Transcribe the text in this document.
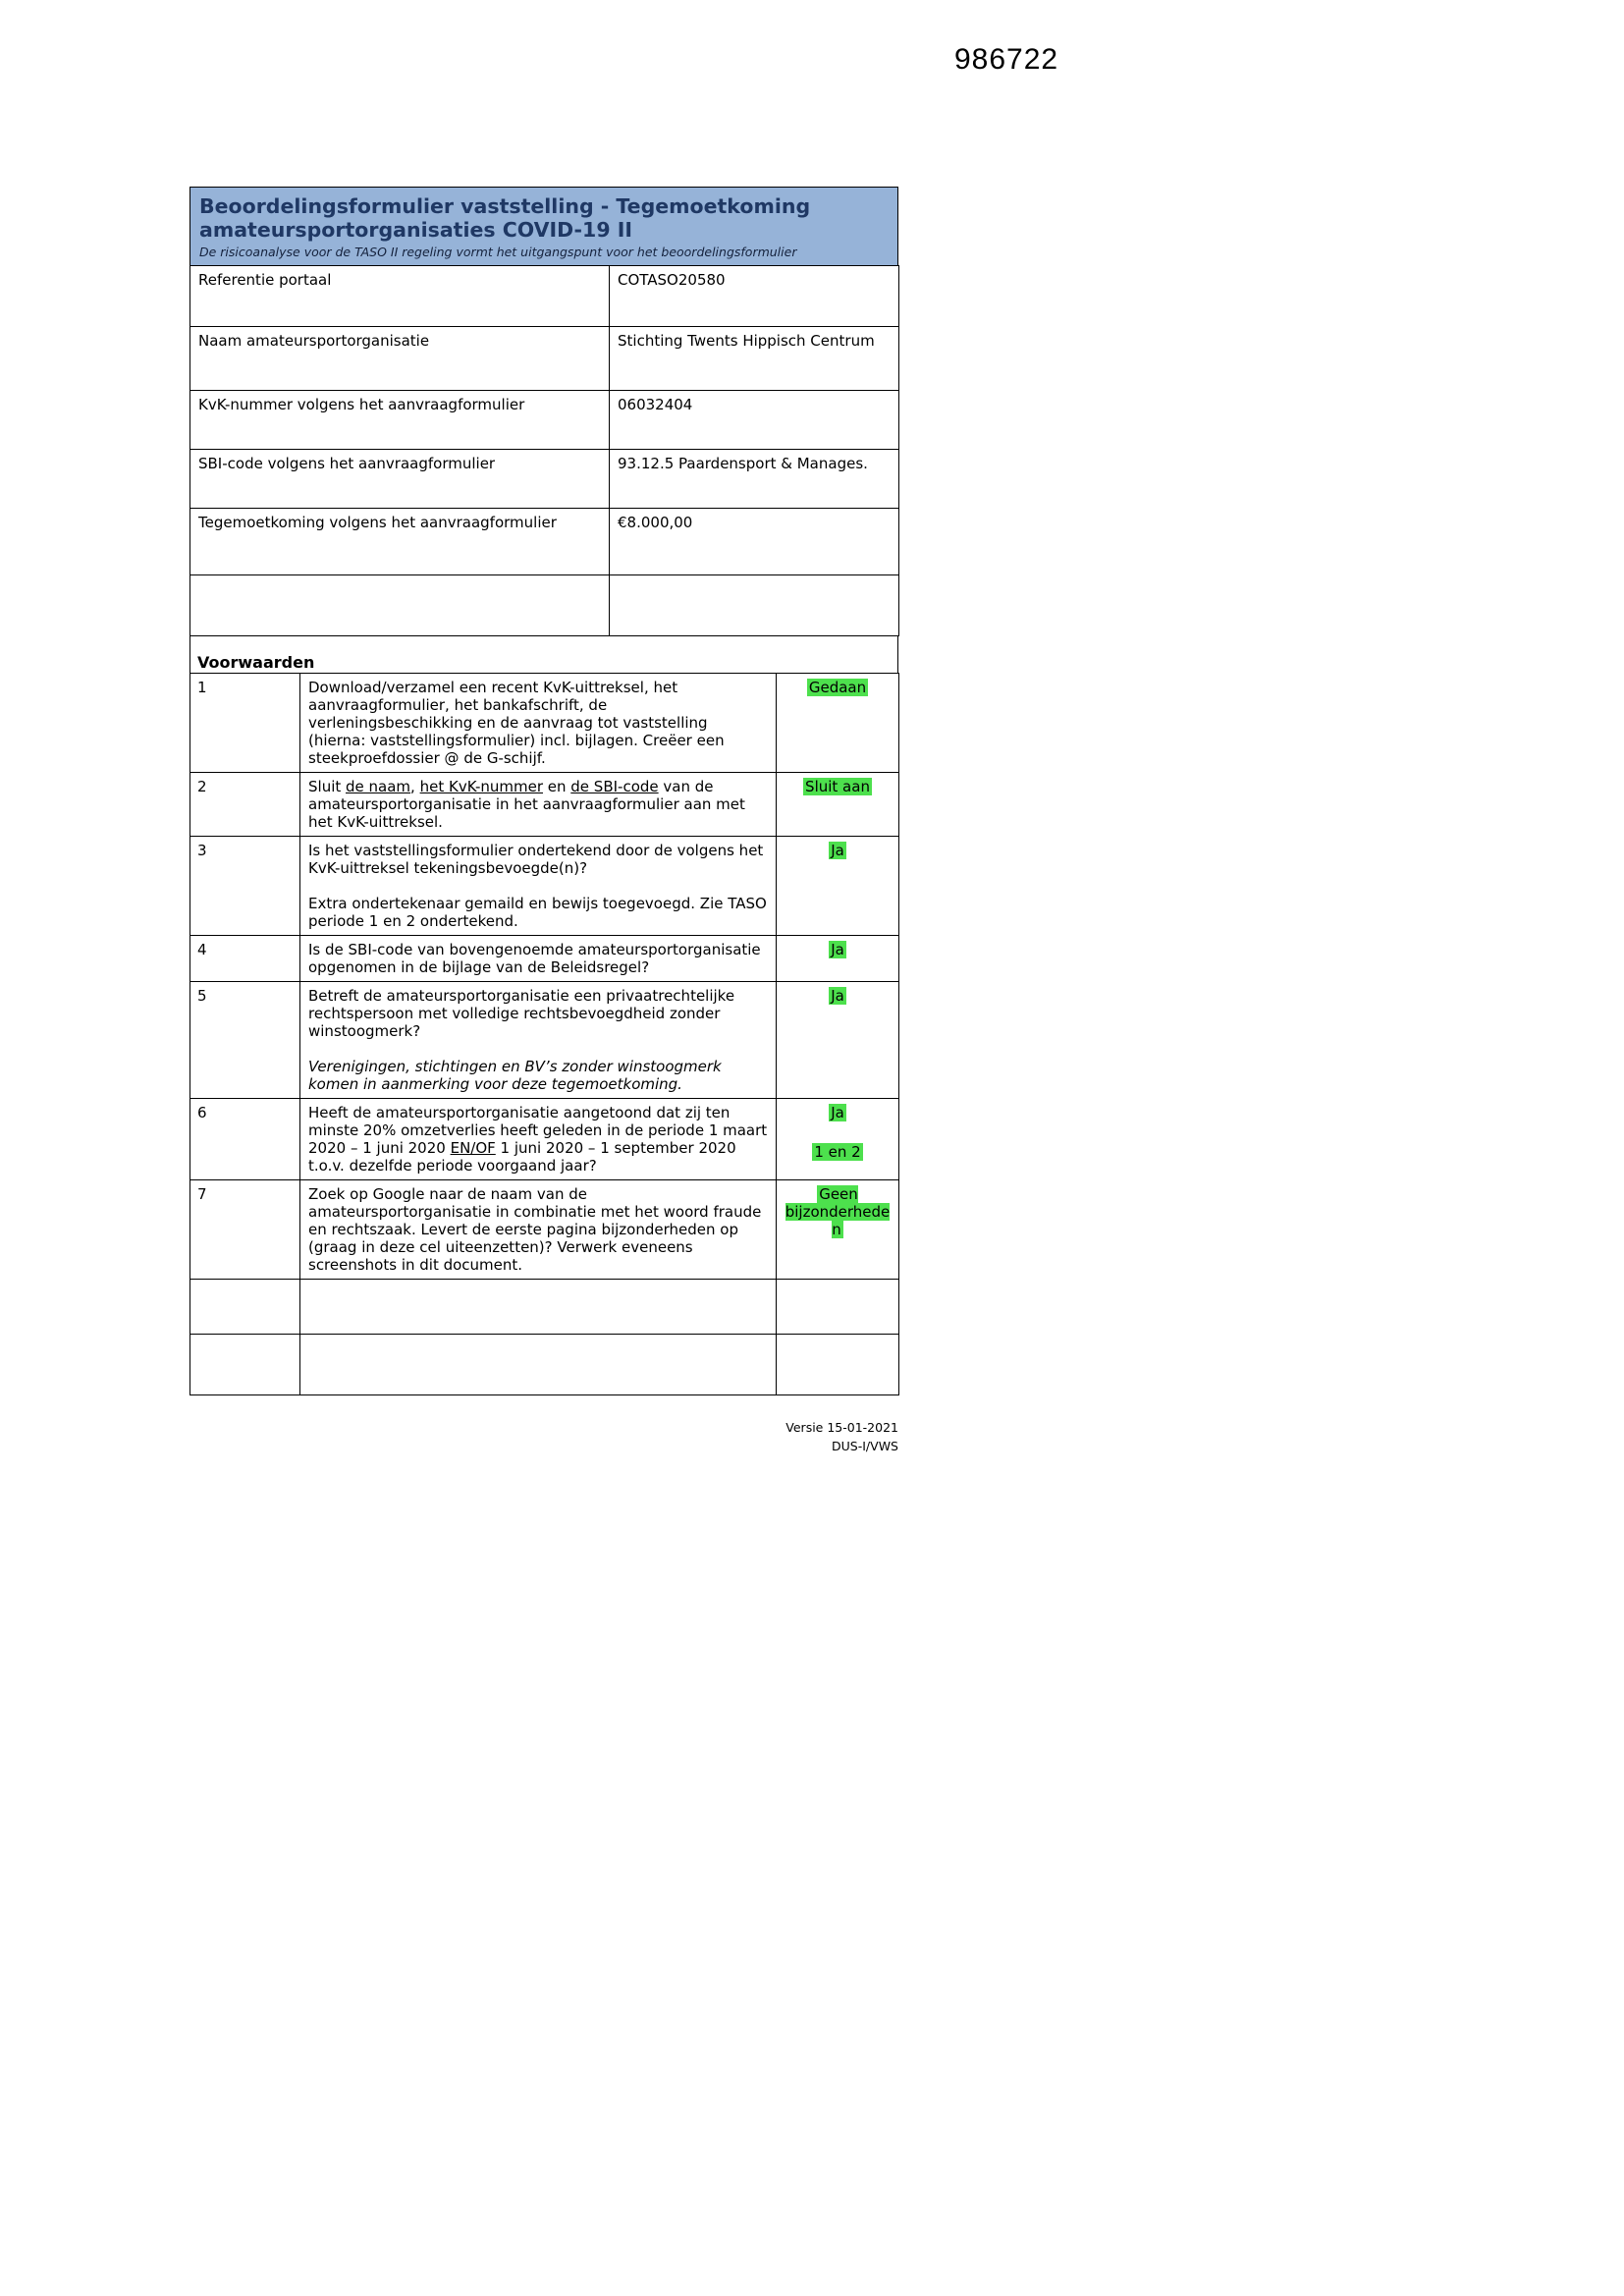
986722
Beoordelingsformulier vaststelling - Tegemoetkoming
amateursportorganisaties COVID-19 II
De risicoanalyse voor de TASO II regeling vormt het uitgangspunt voor het beoordelingsformulier
Referentie portaal	COTASO20580
Naam amateursportorganisatie	Stichting Twents Hippisch Centrum
KvK-nummer volgens het aanvraagformulier	06032404
SBI-code volgens het aanvraagformulier	93.12.5 Paardensport & Manages.
Tegemoetkoming volgens het aanvraagformulier	€8.000,00

Voorwaarden
1	Download/verzamel een recent KvK-uittreksel, het aanvraagformulier, het bankafschrift, de verleningsbeschikking en de aanvraag tot vaststelling (hierna: vaststellingsformulier) incl. bijlagen. Creëer een steekproefdossier @ de G-schijf.	Gedaan
2	Sluit de naam, het KvK-nummer en de SBI-code van de amateursportorganisatie in het aanvraagformulier aan met het KvK-uittreksel.	Sluit aan
3	Is het vaststellingsformulier ondertekend door de volgens het KvK-uittreksel tekeningsbevoegde(n)?

Extra ondertekenaar gemaild en bewijs toegevoegd. Zie TASO periode 1 en 2 ondertekend.	Ja
4	Is de SBI-code van bovengenoemde amateursportorganisatie opgenomen in de bijlage van de Beleidsregel?	Ja
5	Betreft de amateursportorganisatie een privaatrechtelijke rechtspersoon met volledige rechtsbevoegdheid zonder winstoogmerk?

Verenigingen, stichtingen en BV’s zonder winstoogmerk komen in aanmerking voor deze tegemoetkoming.	Ja
6	Heeft de amateursportorganisatie aangetoond dat zij ten minste 20% omzetverlies heeft geleden in de periode 1 maart 2020 – 1 juni 2020 EN/OF 1 juni 2020 – 1 september 2020 t.o.v. dezelfde periode voorgaand jaar?	Ja
1 en 2

7	Zoek op Google naar de naam van de amateursportorganisatie in combinatie met het woord fraude en rechtszaak. Levert de eerste pagina bijzonderheden op (graag in deze cel uiteenzetten)? Verwerk eveneens screenshots in dit document.	Geen bijzonderheden

Versie 15-01-2021
DUS-I/VWS
